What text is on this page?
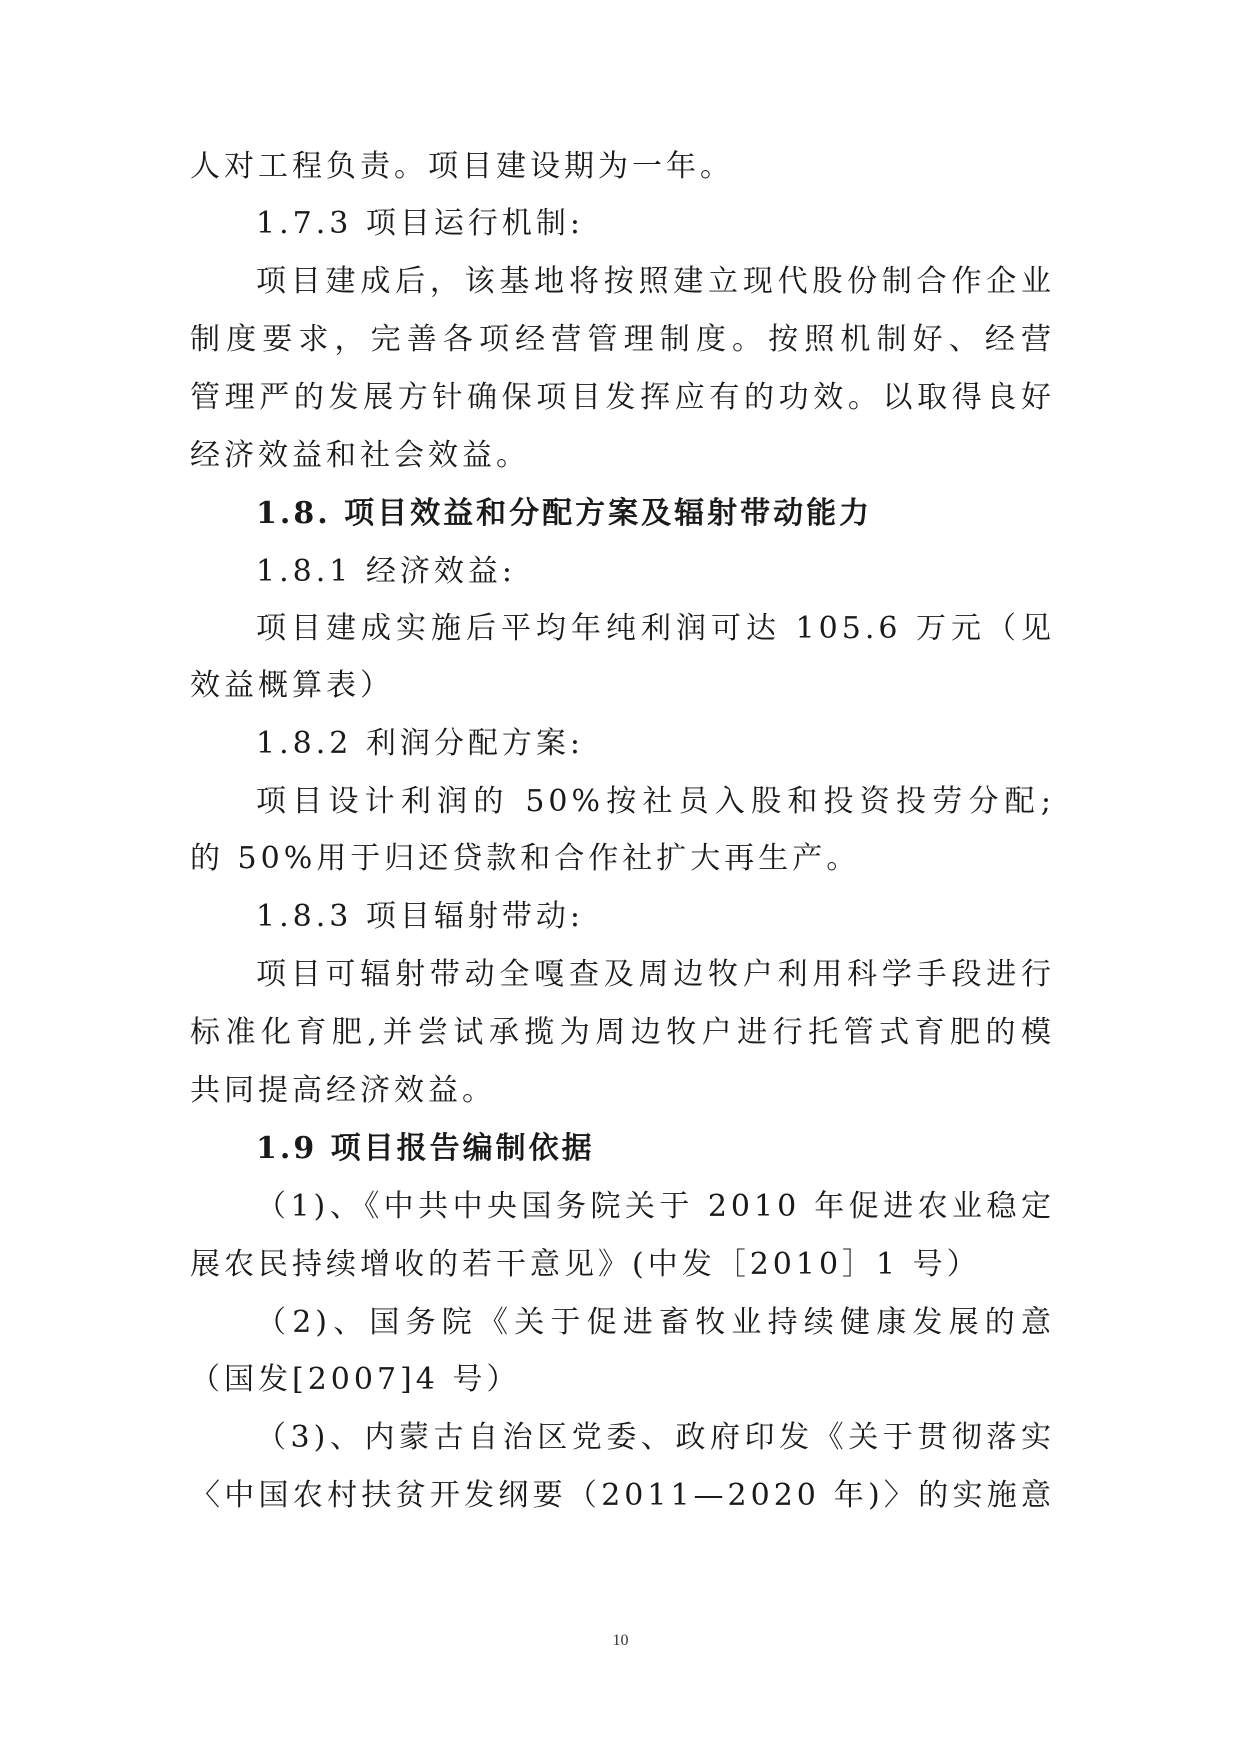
人对工程负责。项目建设期为一年。
1.7.3 项目运行机制:
项目建成后，该基地将按照建立现代股份制合作企业
制度要求，完善各项经营管理制度。按照机制好、经营
管理严的发展方针确保项目发挥应有的功效。以取得良好
经济效益和社会效益。
1.8. 项目效益和分配方案及辐射带动能力
1.8.1 经济效益:
项目建成实施后平均年纯利润可达 105.6 万元（见
效益概算表）
1.8.2 利润分配方案:
项目设计利润的 50%按社员入股和投资投劳分配;
的 50%用于归还贷款和合作社扩大再生产。
1.8.3 项目辐射带动:
项目可辐射带动全嘎查及周边牧户利用科学手段进行
标准化育肥,并尝试承揽为周边牧户进行托管式育肥的模
共同提高经济效益。
1.9 项目报告编制依据
（1)、《中共中央国务院关于 2010 年促进农业稳定
展农民持续增收的若干意见》(中发［2010］1 号）
（2)、国务院《关于促进畜牧业持续健康发展的意
（国发[2007]4 号）
（3)、内蒙古自治区党委、政府印发《关于贯彻落实
〈中国农村扶贫开发纲要（2011—2020 年)〉的实施意
10
